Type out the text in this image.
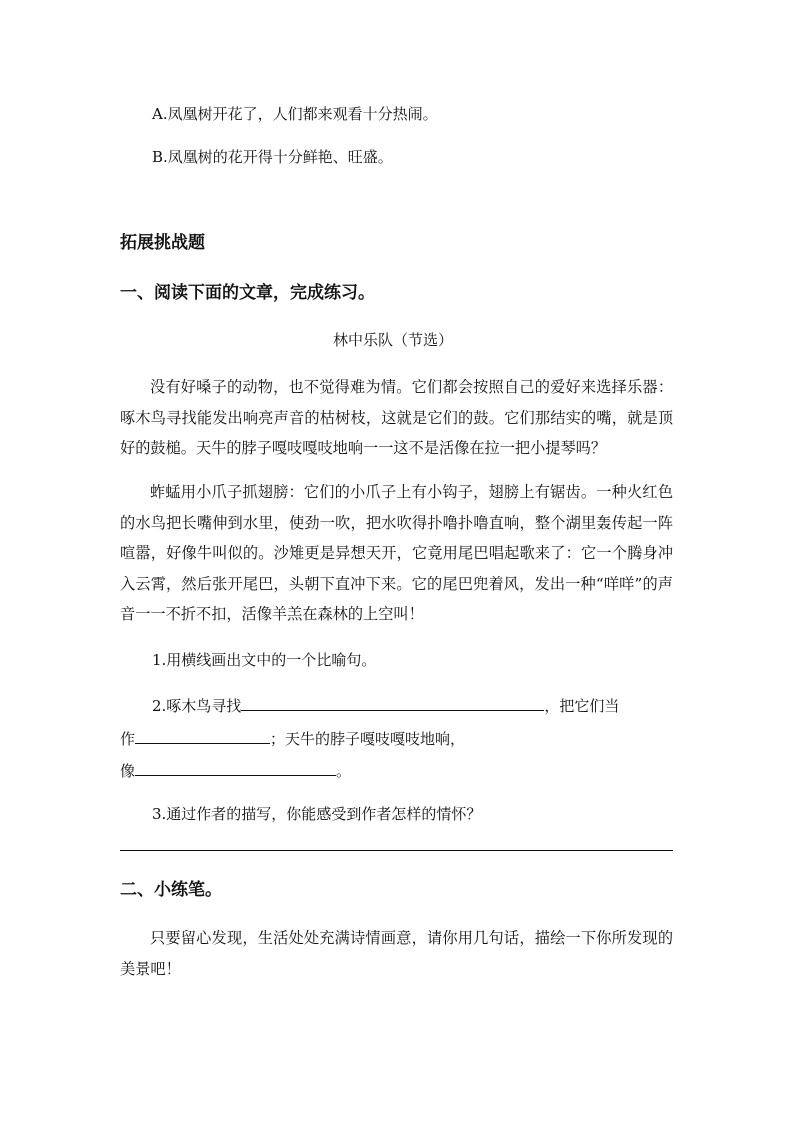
A.凤凰树开花了，人们都来观看十分热闹。
B.凤凰树的花开得十分鲜艳、旺盛。
拓展挑战题
一、阅读下面的文章，完成练习。
林中乐队（节选）
没有好嗓子的动物，也不觉得难为情。它们都会按照自己的爱好来选择乐器：啄木鸟寻找能发出响亮声音的枯树枝，这就是它们的鼓。它们那结实的嘴，就是顶好的鼓槌。天牛的脖子嘎吱嘎吱地响一一这不是活像在拉一把小提琴吗？
蚱蜢用小爪子抓翅膀：它们的小爪子上有小钩子，翅膀上有锯齿。一种火红色的水鸟把长嘴伸到水里，使劲一吹，把水吹得扑噜扑噜直响，整个湖里轰传起一阵喧嚣，好像牛叫似的。沙雉更是异想天开，它竟用尾巴唱起歌来了：它一个腾身冲入云霄，然后张开尾巴，头朝下直冲下来。它的尾巴兜着风，发出一种“咩咩”的声音一一不折不扣，活像羊羔在森林的上空叫！
1.用横线画出文中的一个比喻句。
2.啄木鸟寻找	，把它们当
作	；天牛的脖子嘎吱嘎吱地响，
像	。
3.通过作者的描写，你能感受到作者怎样的情怀？
二、小练笔。
只要留心发现，生活处处充满诗情画意，请你用几句话，描绘一下你所发现的美景吧！
